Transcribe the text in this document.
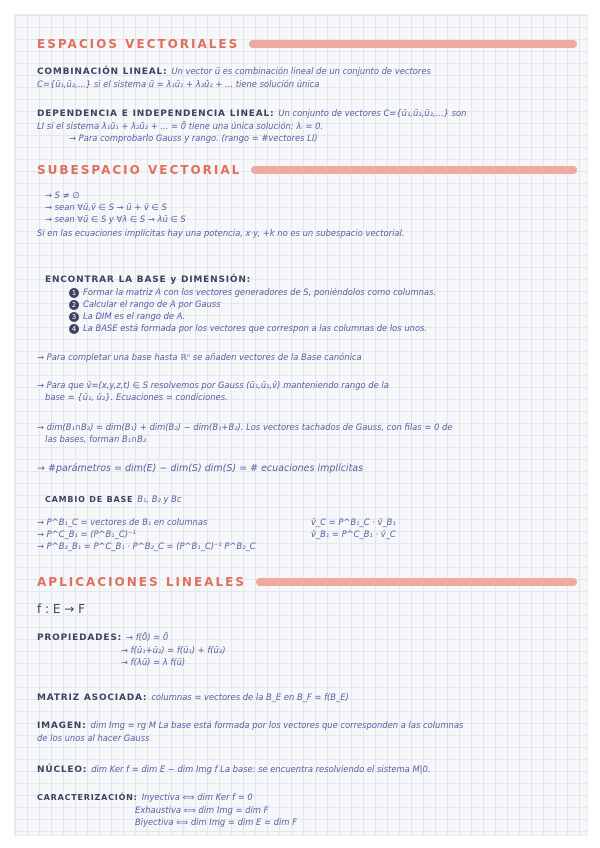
ESPACIOS VECTORIALES
COMBINACIÓN LINEAL: Un vector ū es combinación lineal de un conjunto de vectores
C={ū₁,ū₂,...} si el sistema ū = λ₁ū₁ + λ₂ū₂ + ... tiene solución única
DEPENDENCIA E INDEPENDENCIA LINEAL: Un conjunto de vectores C={ū₁,ū₂,ū₃,...} son
LI si el sistema λ₁ū₁ + λ₂ū₂ + ... = 0̄ tiene una única solución: λᵢ = 0.
→ Para comprobarlo Gauss y rango. (rango = #vectores LI)
SUBESPACIO VECTORIAL
→ S ≠ ∅
→ sean ∀ū,v̄ ∈ S → ū + v̄ ∈ S
→ sean ∀ū ∈ S y ∀λ ∈ S → λū ∈ S
Si en las ecuaciones implícitas hay una potencia, x·y, +k no es un subespacio vectorial.
ENCONTRAR LA BASE y DIMENSIÓN:
1 Formar la matriz A con los vectores generadores de S, poniéndolos como columnas.
2 Calcular el rango de A por Gauss
3 La DIM es el rango de A.
4 La BASE está formada por los vectores que correspon a las columnas de los unos.
→ Para completar una base hasta ℝⁿ se añaden vectores de la Base canónica
→ Para que v̄=(x,y,z,t) ∈ S resolvemos por Gauss (ū₁,ū₂,v̄) manteniendo rango de la
base = {ū₁, ū₂}. Ecuaciones = condiciones.
→ dim(B₁∩B₂) = dim(B₁) + dim(B₂) − dim(B₁+B₂). Los vectores tachados de Gauss, con filas = 0 de
las bases, forman B₁∩B₂
→ #parámetros = dim(E) − dim(S) dim(S) = # ecuaciones implícitas
CAMBIO DE BASE B₁, B₂ y Bc
→ P^B₁_C = vectores de B₁ en columnas
→ P^C_B₁ = (P^B₁_C)⁻¹
→ P^B₂_B₁ = P^C_B₁ · P^B₂_C = (P^B₁_C)⁻¹ P^B₂_C
v̄_C = P^B₁_C · v̄_B₁
v̄_B₁ = P^C_B₁ · v̄_C
APLICACIONES LINEALES
f : E → F
PROPIEDADES: → f(0̄) = 0̄
→ f(ū₁+ū₂) = f(ū₁) + f(ū₂)
→ f(λū) = λ f(ū)
MATRIZ ASOCIADA: columnas = vectores de la B_E en B_F = f(B_E)
IMAGEN: dim Img = rg M La base está formada por los vectores que corresponden a las columnas
de los unos al hacer Gauss
NÚCLEO: dim Ker f = dim E − dim Img f La base: se encuentra resolviendo el sistema M|0.
CARACTERIZACIÓN: Inyectiva ⟺ dim Ker f = 0
Exhaustiva ⟺ dim Img = dim F
Biyectiva ⟺ dim Img = dim E = dim F
